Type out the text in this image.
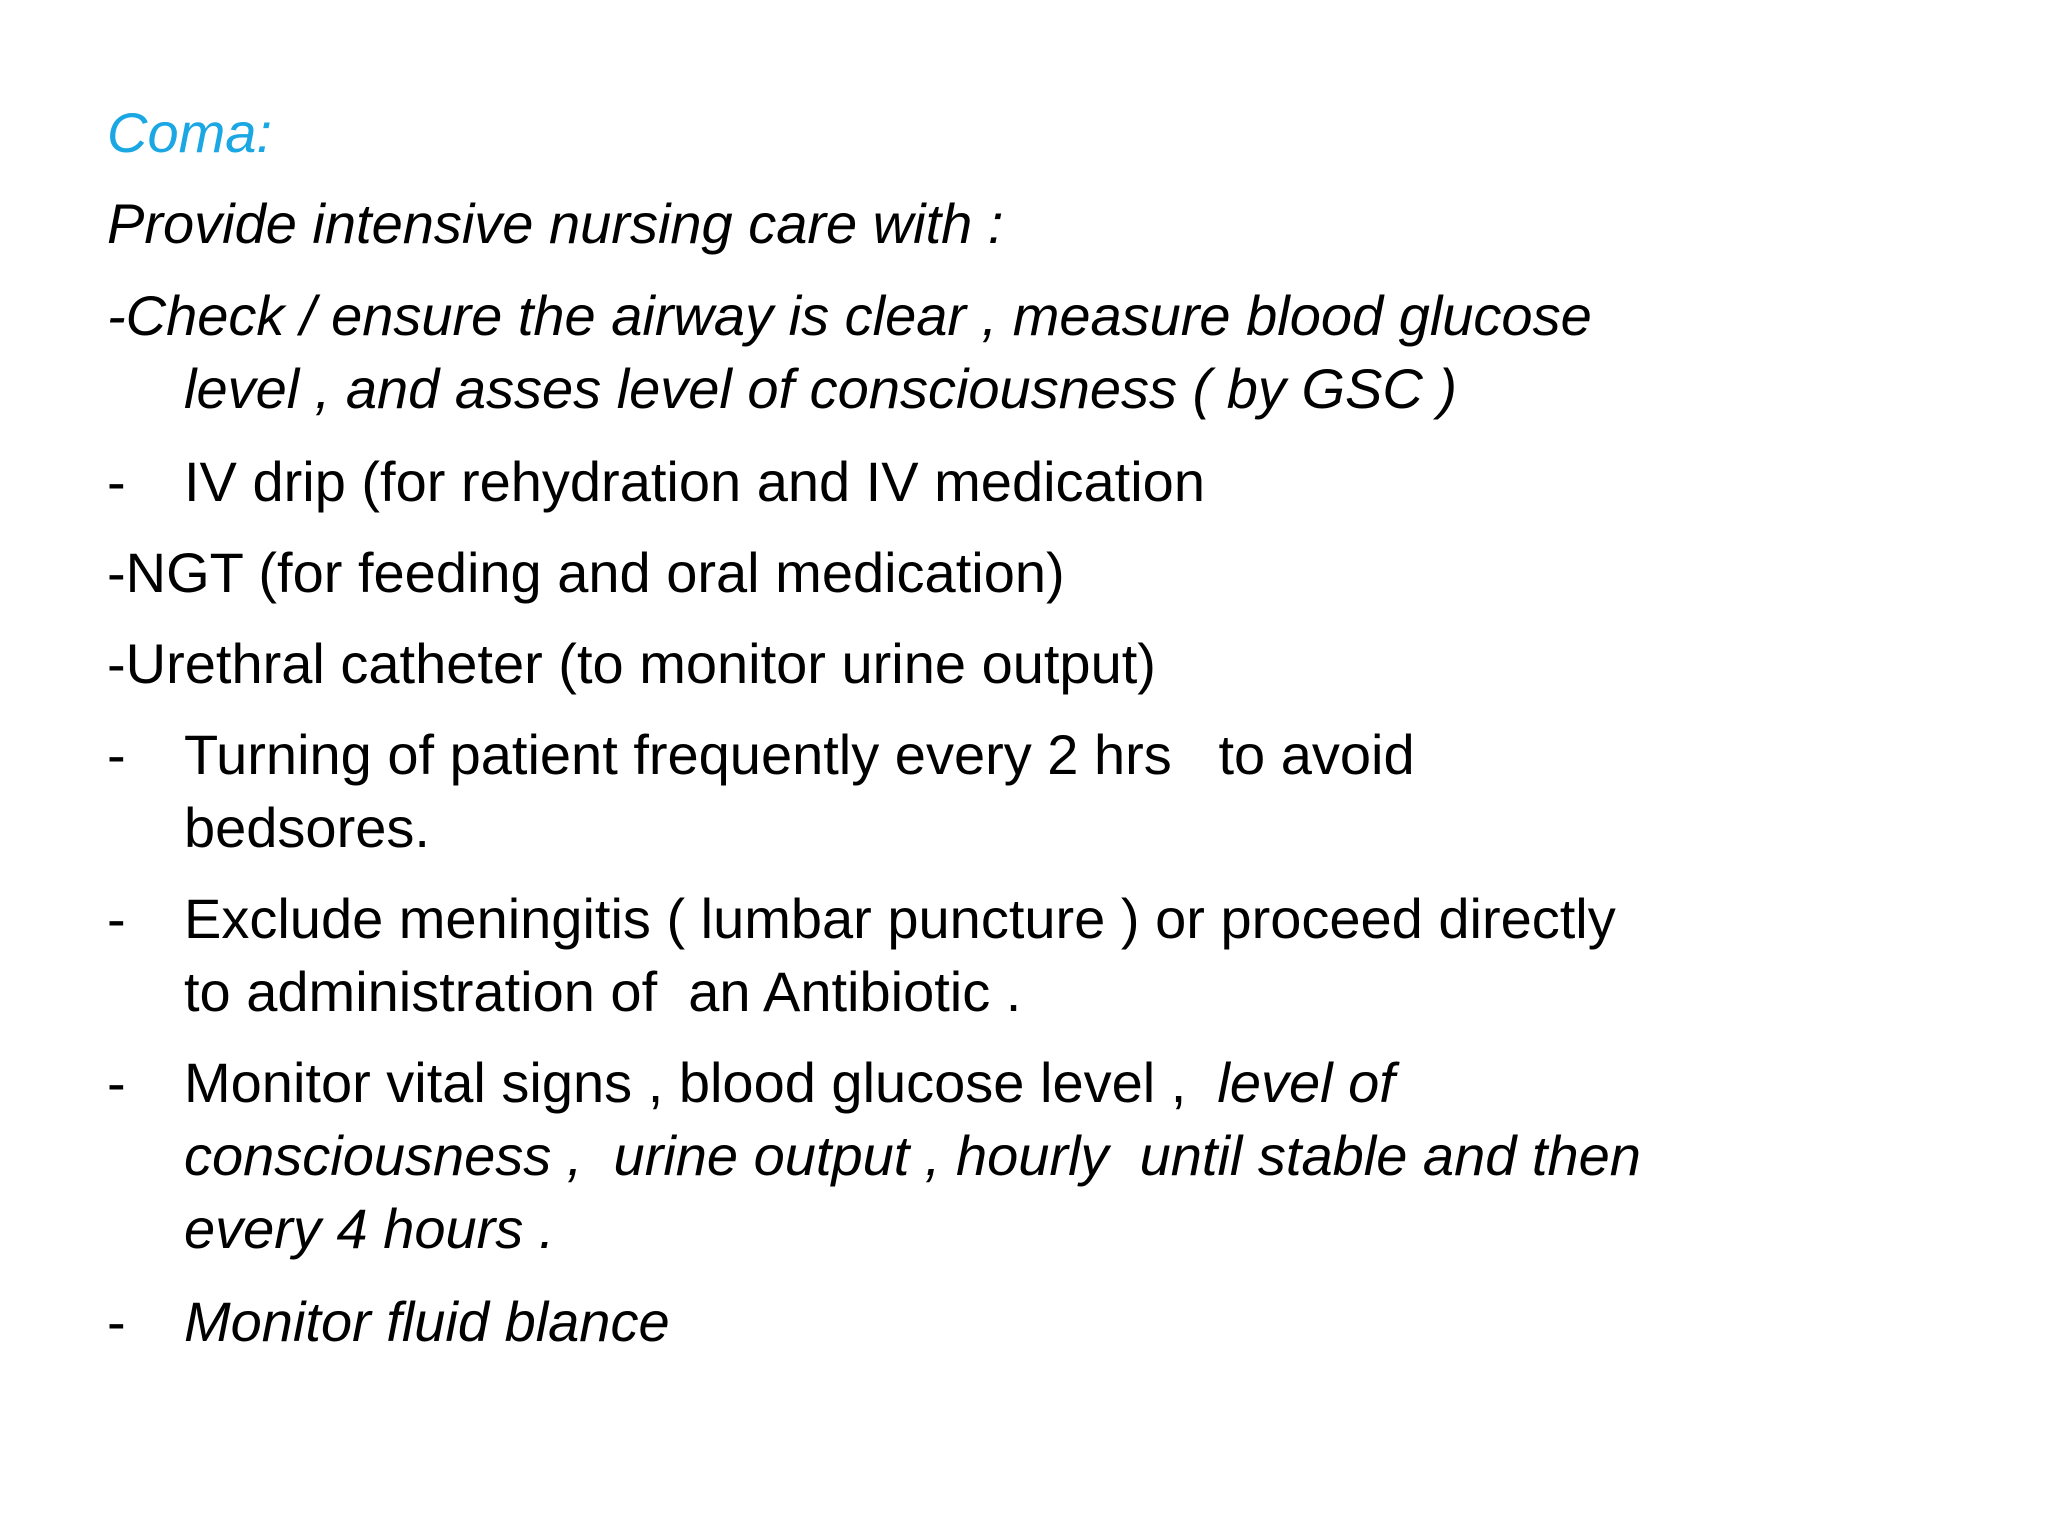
Coma:
Provide intensive nursing care with :
-Check / ensure the airway is clear , measure blood glucose
level , and asses level of consciousness ( by GSC )
- IV drip (for rehydration and IV medication
-NGT (for feeding and oral medication)
-Urethral catheter (to monitor urine output)
- Turning of patient frequently every 2 hrs   to avoid
bedsores.
- Exclude meningitis ( lumbar puncture ) or proceed directly
to administration of  an Antibiotic .
- Monitor vital signs , blood glucose level ,  level of
consciousness ,  urine output , hourly  until stable and then
every 4 hours .
- Monitor fluid blance
